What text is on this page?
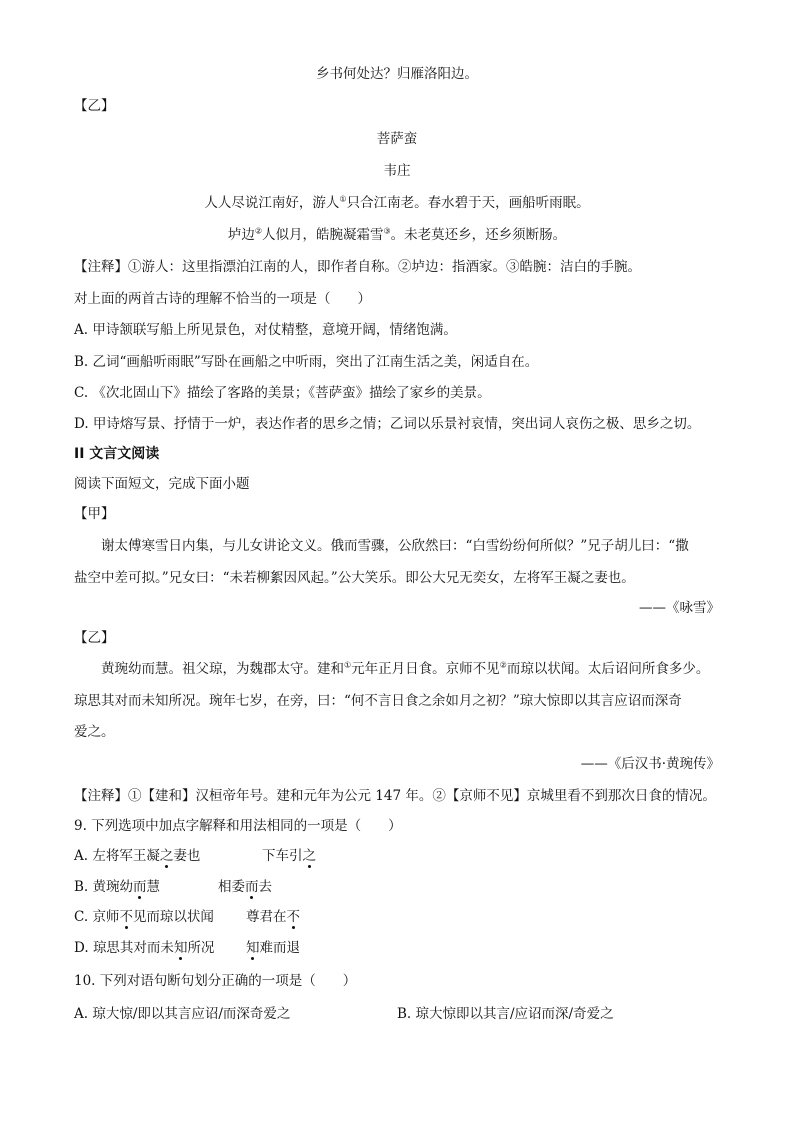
乡书何处达？归雁洛阳边。
【乙】
菩萨蛮
韦庄
人人尽说江南好，游人①只合江南老。春水碧于天，画船听雨眠。
垆边②人似月，皓腕凝霜雪③。未老莫还乡，还乡须断肠。
【注释】①游人：这里指漂泊江南的人，即作者自称。②垆边：指酒家。③皓腕：洁白的手腕。
对上面的两首古诗的理解不恰当的一项是（　　）
A. 甲诗颔联写船上所见景色，对仗精整，意境开阔，情绪饱满。
B. 乙词“画船听雨眠”写卧在画船之中听雨，突出了江南生活之美，闲适自在。
C. 《次北固山下》描绘了客路的美景；《菩萨蛮》描绘了家乡的美景。
D. 甲诗熔写景、抒情于一炉，表达作者的思乡之情；乙词以乐景衬哀情，突出词人哀伤之极、思乡之切。
II 文言文阅读
阅读下面短文，完成下面小题
【甲】
谢太傅寒雪日内集，与儿女讲论文义。俄而雪骤，公欣然曰：“白雪纷纷何所似？”兄子胡儿曰：“撒
盐空中差可拟。”兄女曰：“未若柳絮因风起。”公大笑乐。即公大兄无奕女，左将军王凝之妻也。
——《咏雪》
【乙】
黄琬幼而慧。祖父琼，为魏郡太守。建和①元年正月日食。京师不见②而琼以状闻。太后诏问所食多少。
琼思其对而未知所况。琬年七岁，在旁，曰：“何不言日食之余如月之初？”琼大惊即以其言应诏而深奇
爱之。
——《后汉书·黄琬传》
【注释】①【建和】汉桓帝年号。建和元年为公元 147 年。②【京师不见】京城里看不到那次日食的情况。
9. 下列选项中加点字解释和用法相同的一项是（　　）
A. 左将军王凝之妻也	下车引之
B. 黄琬幼而慧	相委而去
C. 京师不见而琼以状闻 尊君在不
D. 琼思其对而未知所况 知难而退
10. 下列对语句断句划分正确的一项是（　　）
A. 琼大惊/即以其言应诏/而深奇爱之	B. 琼大惊即以其言/应诏而深/奇爱之
